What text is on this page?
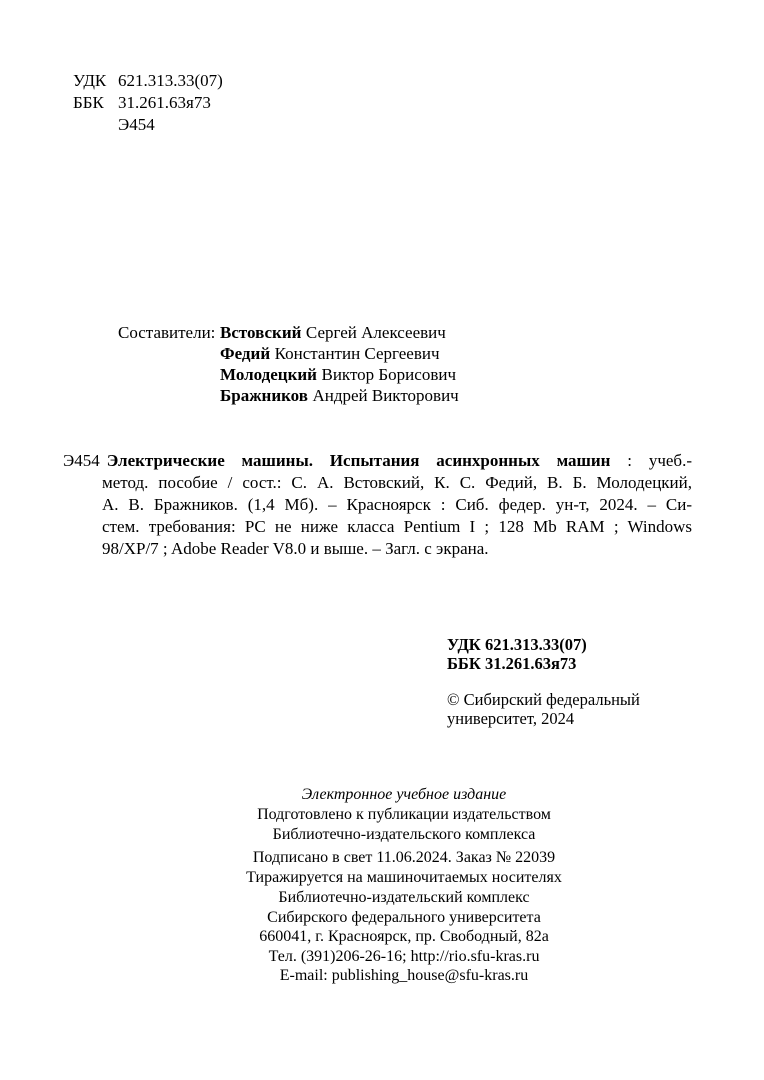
УДК 621.313.33(07)
ББК 31.261.63я73
Э454
Составители: Встовский Сергей Алексеевич
Федий Константин Сергеевич
Молодецкий Виктор Борисович
Бражников Андрей Викторович
Э454 Электрические машины. Испытания асинхронных машин : учеб.-
метод. пособие / сост.: С. А. Встовский, К. С. Федий, В. Б. Молодецкий,
А. В. Бражников. (1,4 Мб). – Красноярск : Сиб. федер. ун-т, 2024. – Си-
стем. требования: PC не ниже класса Pentium I ; 128 Mb RAM ; Windows
98/XP/7 ; Adobe Reader V8.0 и выше. – Загл. с экрана.
УДК 621.313.33(07)
ББК 31.261.63я73
© Сибирский федеральный
университет, 2024
Электронное учебное издание
Подготовлено к публикации издательством
Библиотечно-издательского комплекса
Подписано в свет 11.06.2024. Заказ № 22039
Тиражируется на машиночитаемых носителях
Библиотечно-издательский комплекс
Сибирского федерального университета
660041, г. Красноярск, пр. Свободный, 82а
Тел. (391)206-26-16; http://rio.sfu-kras.ru
E-mail: publishing_house@sfu-kras.ru
